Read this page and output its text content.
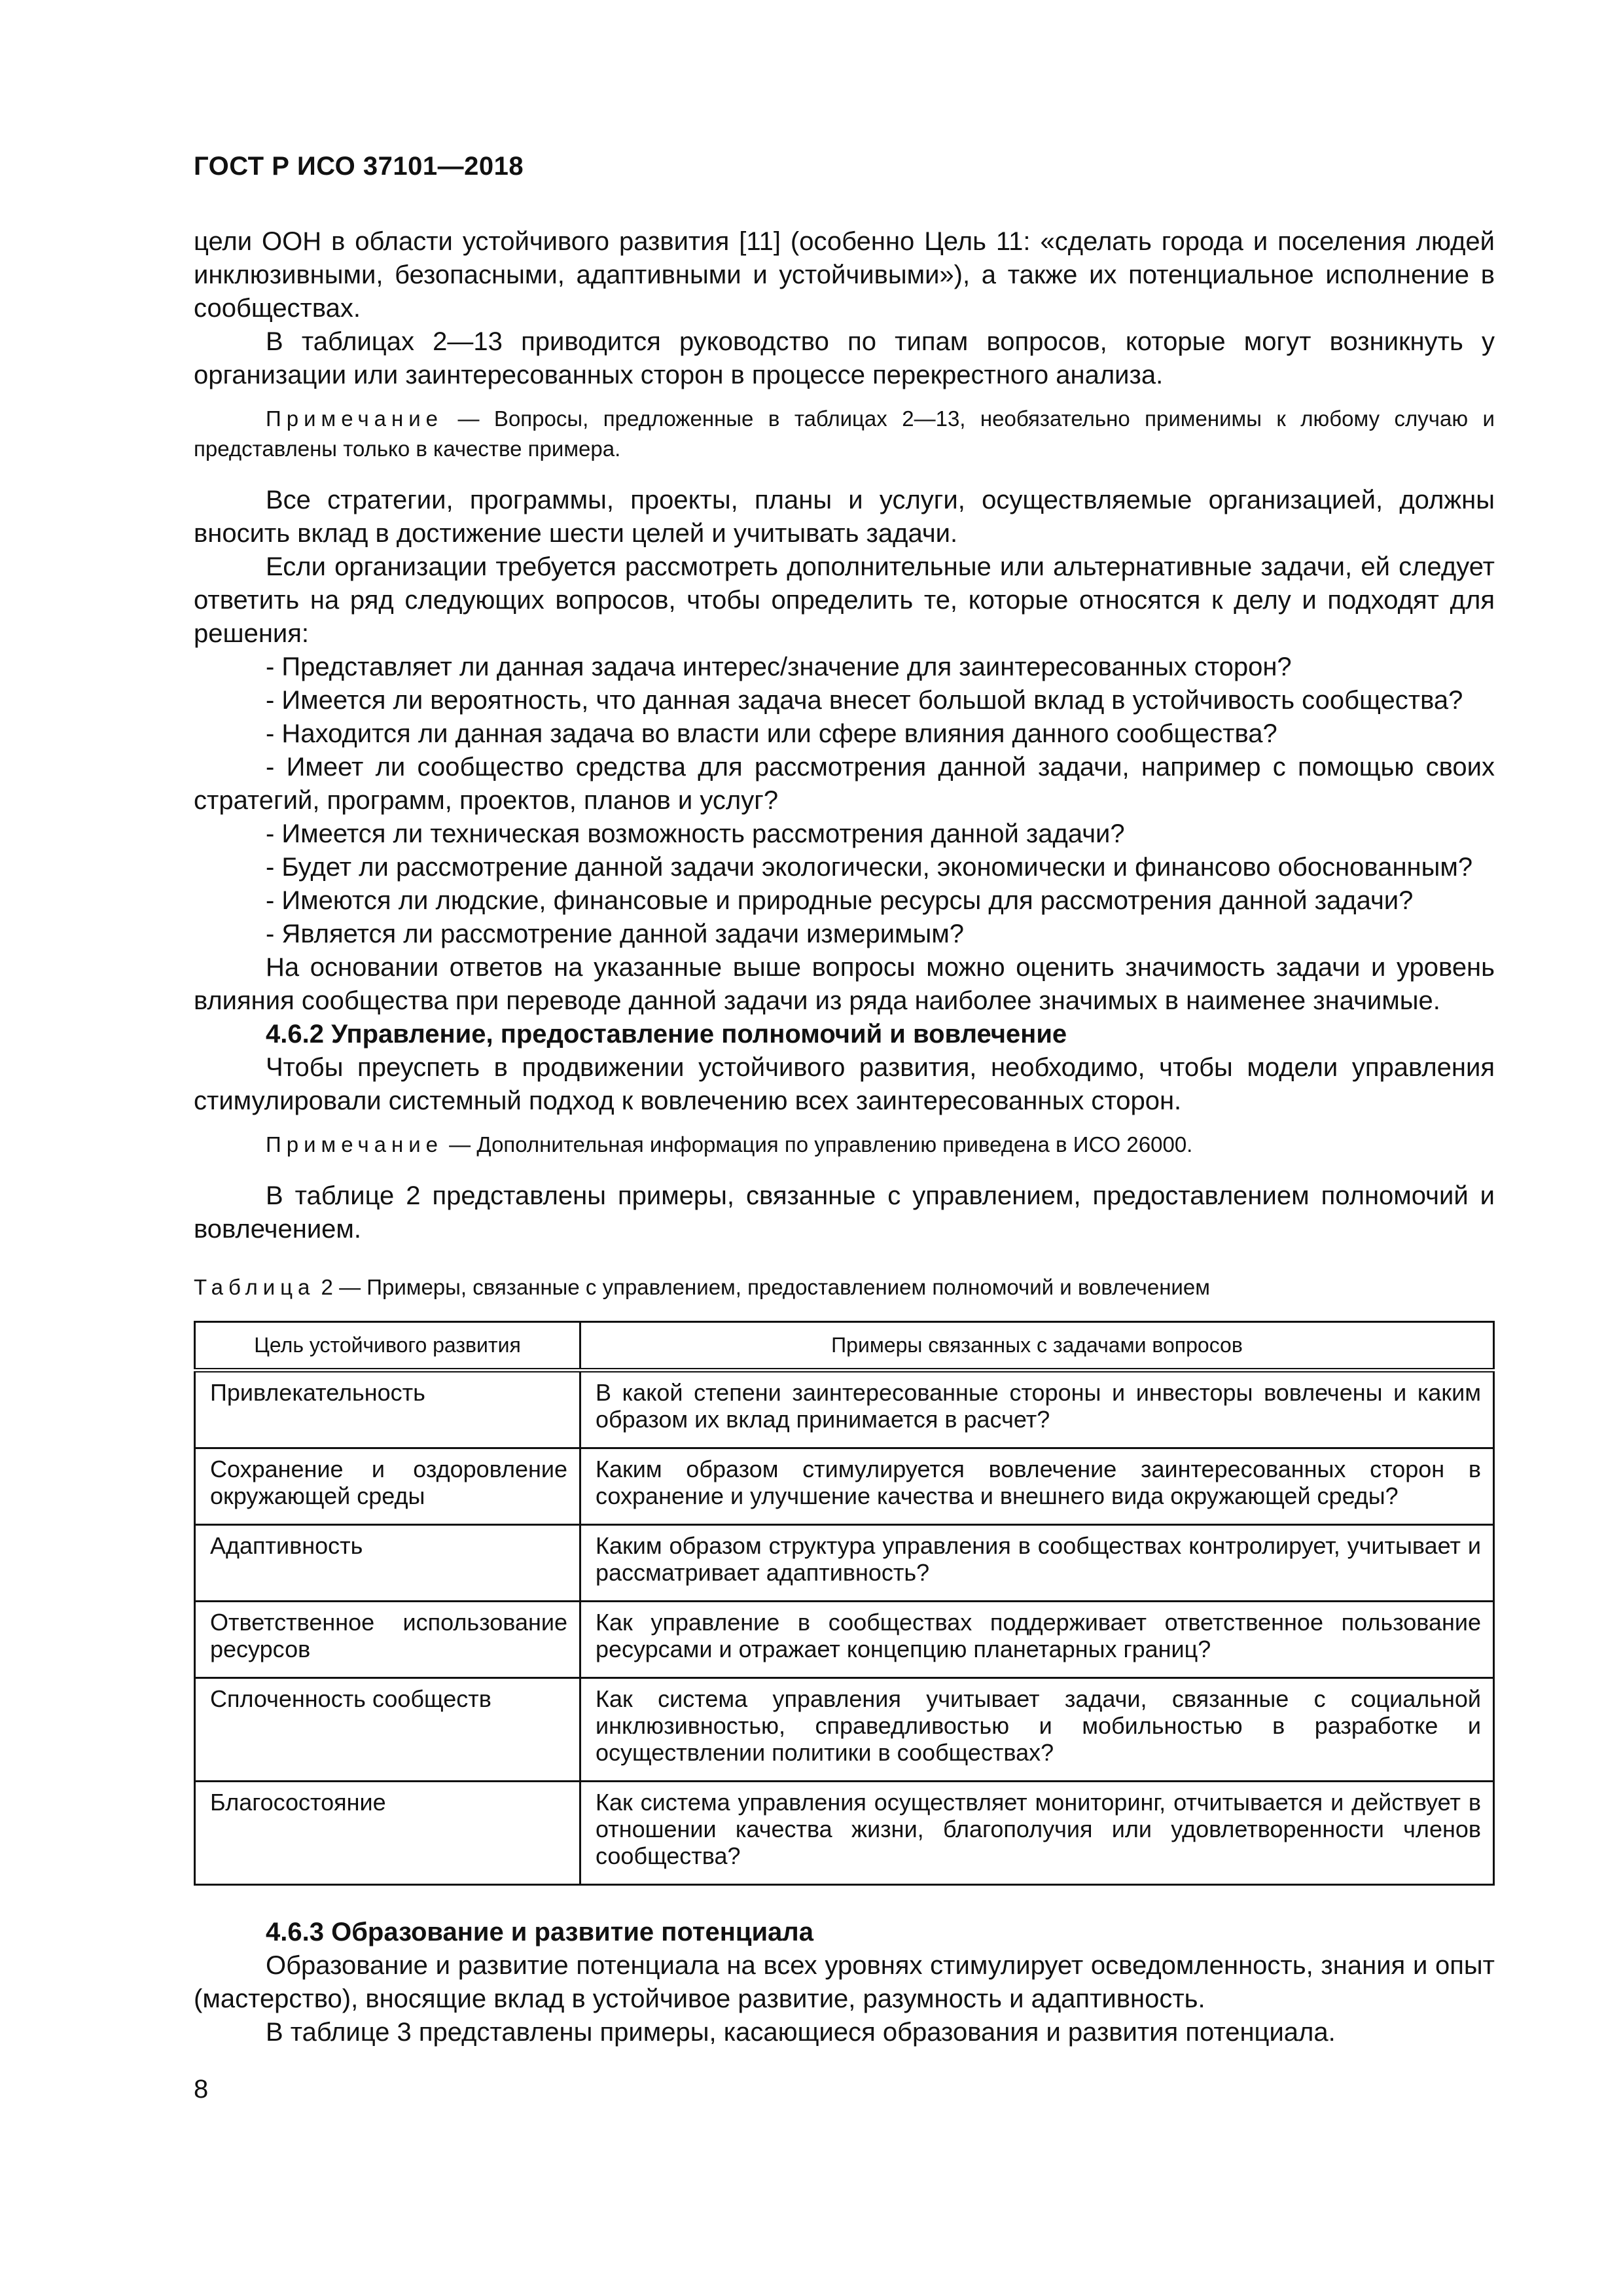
ГОСТ Р ИСО 37101—2018

цели ООН в области устойчивого развития [11] (особенно Цель 11: «сделать города и поселения людей инклюзивными, безопасными, адаптивными и устойчивыми»), а также их потенциальное исполнение в сообществах.

В таблицах 2—13 приводится руководство по типам вопросов, которые могут возникнуть у организации или заинтересованных сторон в процессе перекрестного анализа.

Примечание — Вопросы, предложенные в таблицах 2—13, необязательно применимы к любому случаю и представлены только в качестве примера.

Все стратегии, программы, проекты, планы и услуги, осуществляемые организацией, должны вносить вклад в достижение шести целей и учитывать задачи.

Если организации требуется рассмотреть дополнительные или альтернативные задачи, ей следует ответить на ряд следующих вопросов, чтобы определить те, которые относятся к делу и подходят для решения:

- Представляет ли данная задача интерес/значение для заинтересованных сторон?

- Имеется ли вероятность, что данная задача внесет большой вклад в устойчивость сообщества?

- Находится ли данная задача во власти или сфере влияния данного сообщества?

- Имеет ли сообщество средства для рассмотрения данной задачи, например с помощью своих стратегий, программ, проектов, планов и услуг?

- Имеется ли техническая возможность рассмотрения данной задачи?

- Будет ли рассмотрение данной задачи экологически, экономически и финансово обоснованным?

- Имеются ли людские, финансовые и природные ресурсы для рассмотрения данной задачи?

- Является ли рассмотрение данной задачи измеримым?

На основании ответов на указанные выше вопросы можно оценить значимость задачи и уровень влияния сообщества при переводе данной задачи из ряда наиболее значимых в наименее значимые.

4.6.2 Управление, предоставление полномочий и вовлечение

Чтобы преуспеть в продвижении устойчивого развития, необходимо, чтобы модели управления стимулировали системный подход к вовлечению всех заинтересованных сторон.

Примечание — Дополнительная информация по управлению приведена в ИСО 26000.

В таблице 2 представлены примеры, связанные с управлением, предоставлением полномочий и вовлечением.

Таблица 2 — Примеры, связанные с управлением, предоставлением полномочий и вовлечением

Цель устойчивого развития	Примеры связанных с задачами вопросов
Привлекательность	В какой степени заинтересованные стороны и инвесторы вовлечены и каким образом их вклад принимается в расчет?
Сохранение и оздоровление окружающей среды	Каким образом стимулируется вовлечение заинтересованных сторон в сохранение и улучшение качества и внешнего вида окружающей среды?
Адаптивность	Каким образом структура управления в сообществах контролирует, учитывает и рассматривает адаптивность?
Ответственное использование ресурсов	Как управление в сообществах поддерживает ответственное пользование ресурсами и отражает концепцию планетарных границ?
Сплоченность сообществ	Как система управления учитывает задачи, связанные с социальной инклюзивностью, справедливостью и мобильностью в разработке и осуществлении политики в сообществах?
Благосостояние	Как система управления осуществляет мониторинг, отчитывается и действует в отношении качества жизни, благополучия или удовлетворенности членов сообщества?

4.6.3 Образование и развитие потенциала

Образование и развитие потенциала на всех уровнях стимулирует осведомленность, знания и опыт (мастерство), вносящие вклад в устойчивое развитие, разумность и адаптивность.

В таблице 3 представлены примеры, касающиеся образования и развития потенциала.

8
